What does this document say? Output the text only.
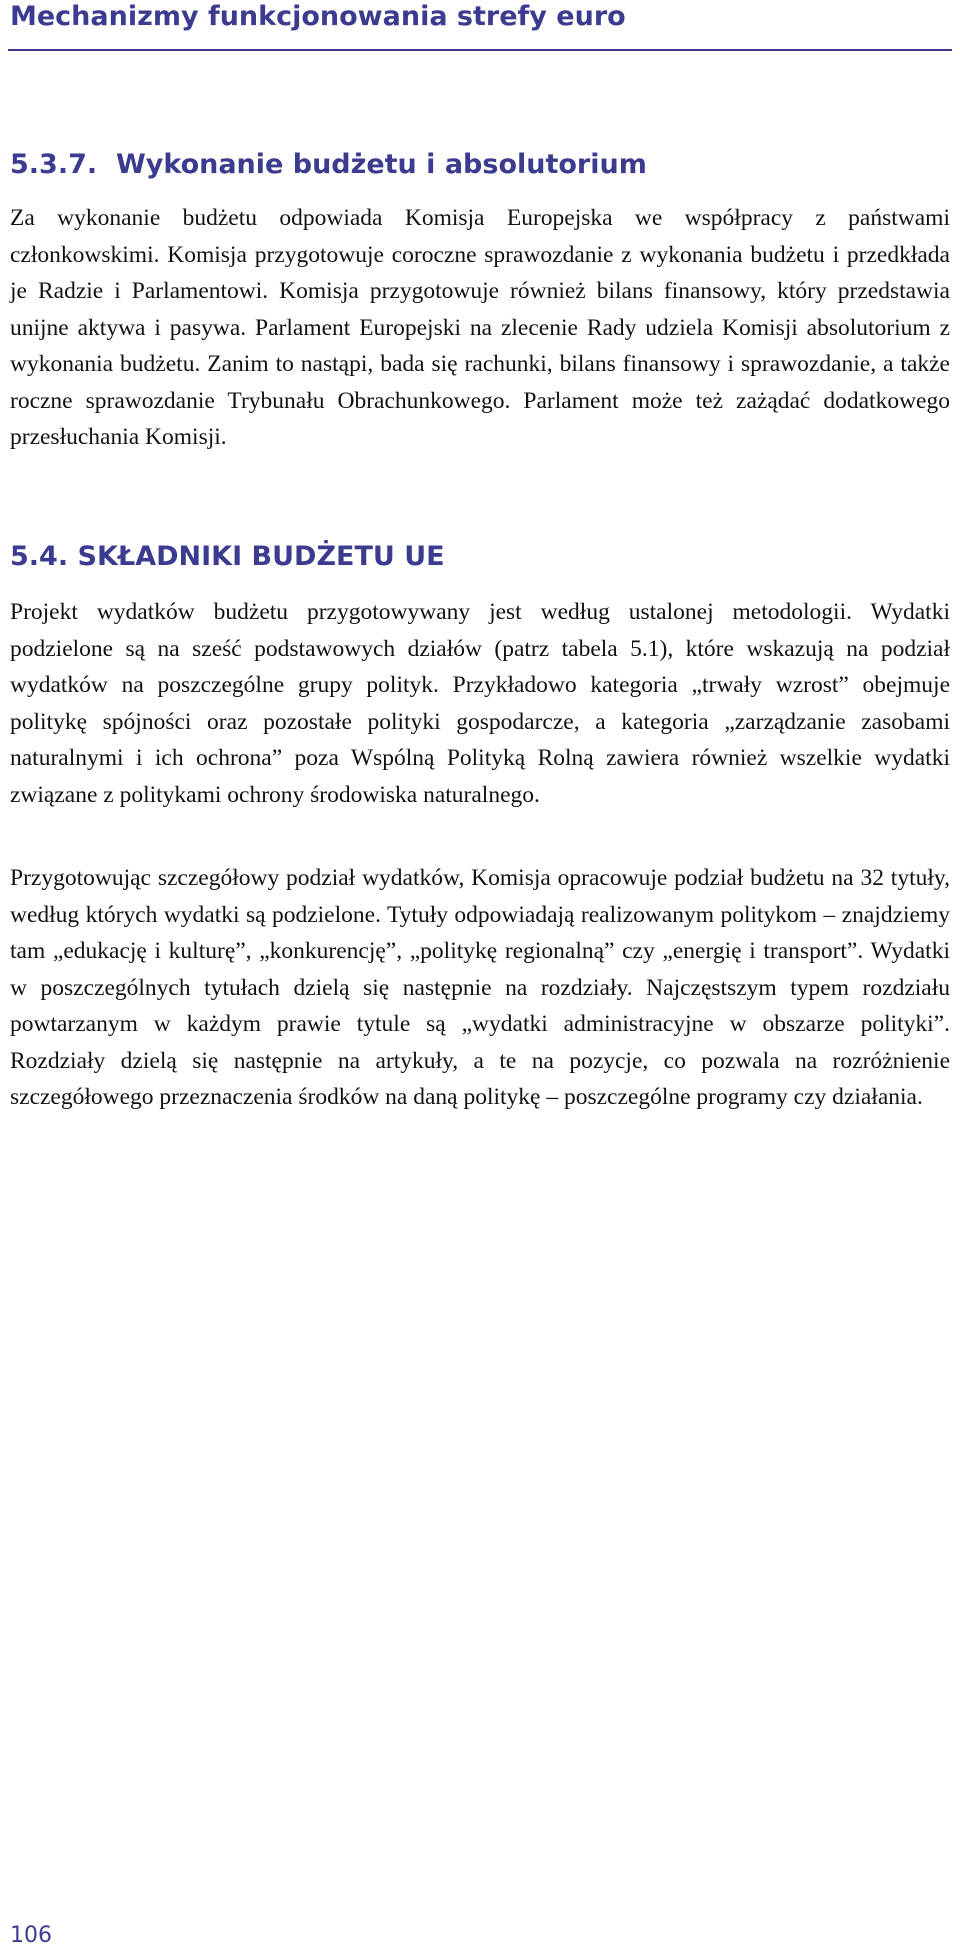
Mechanizmy funkcjonowania strefy euro
5.3.7. Wykonanie budżetu i absolutorium
Za wykonanie budżetu odpowiada Komisja Europejska we współpracy z państwami członkowskimi. Komisja przygotowuje coroczne sprawozdanie z wykonania budżetu i przedkłada je Radzie i Parlamentowi. Komisja przygotowuje również bilans finansowy, który przedstawia unijne aktywa i pasywa. Parlament Europejski na zlecenie Rady udziela Komisji absolutorium z wykonania budżetu. Zanim to nastąpi, bada się rachunki, bilans finansowy i sprawozdanie, a także roczne sprawozdanie Trybunału Obrachunkowego. Parlament może też zażądać dodatkowego przesłuchania Komisji.
5.4. SKŁADNIKI BUDŻETU UE
Projekt wydatków budżetu przygotowywany jest według ustalonej metodologii. Wydatki podzielone są na sześć podstawowych działów (patrz tabela 5.1), które wskazują na podział wydatków na poszczególne grupy polityk. Przykładowo kategoria „trwały wzrost” obejmuje politykę spójności oraz pozostałe polityki gospodarcze, a kategoria „zarządzanie zasobami naturalnymi i ich ochrona” poza Wspólną Polityką Rolną zawiera również wszelkie wydatki związane z politykami ochrony środowiska naturalnego.
Przygotowując szczegółowy podział wydatków, Komisja opracowuje podział budżetu na 32 tytuły, według których wydatki są podzielone. Tytuły odpowiadają realizowanym politykom – znajdziemy tam „edukację i kulturę”, „konkurencję”, „politykę regionalną” czy „energię i transport”. Wydatki w poszczególnych tytułach dzielą się następnie na rozdziały. Najczęstszym typem rozdziału powtarzanym w każdym prawie tytule są „wydatki administracyjne w obszarze polityki”. Rozdziały dzielą się następnie na artykuły, a te na pozycje, co pozwala na rozróżnienie szczegółowego przeznaczenia środków na daną politykę – poszczególne programy czy działania.
106
